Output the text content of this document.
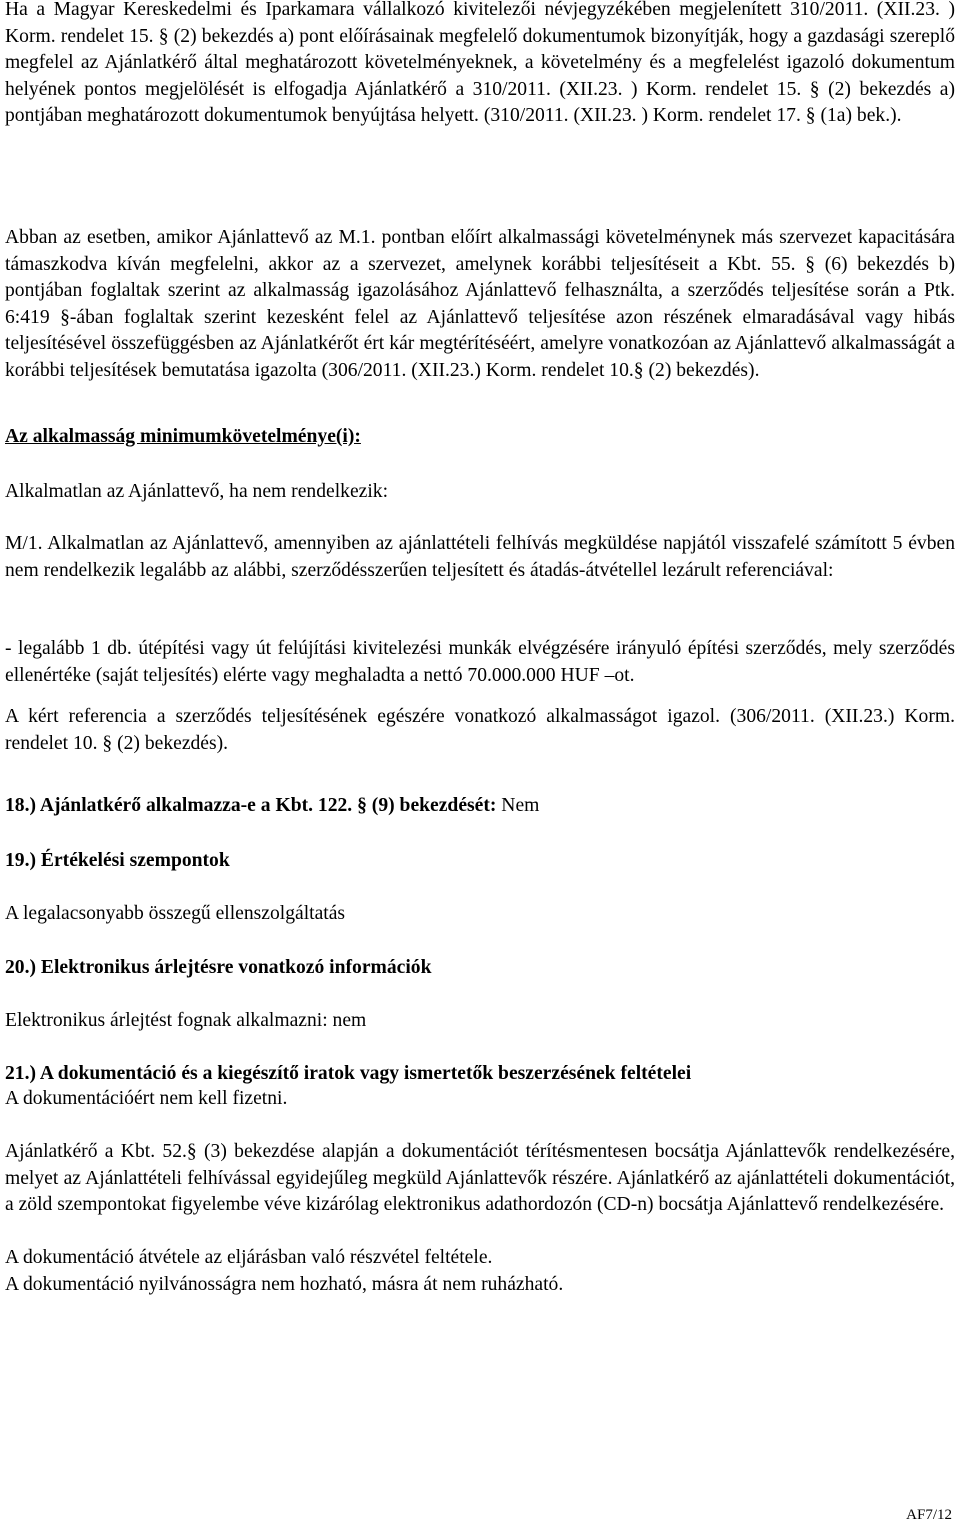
Ha a Magyar Kereskedelmi és Iparkamara vállalkozó kivitelezői névjegyzékében megjelenített 310/2011. (XII.23. ) Korm. rendelet 15. § (2) bekezdés a) pont előírásainak megfelelő dokumentumok bizonyítják, hogy a gazdasági szereplő megfelel az Ajánlatkérő által meghatározott követelményeknek, a követelmény és a megfelelést igazoló dokumentum helyének pontos megjelölését is elfogadja Ajánlatkérő a 310/2011. (XII.23. ) Korm. rendelet 15. § (2) bekezdés a) pontjában meghatározott dokumentumok benyújtása helyett. (310/2011. (XII.23. ) Korm. rendelet 17. § (1a) bek.).

Abban az esetben, amikor Ajánlattevő az M.1. pontban előírt alkalmassági követelménynek más szervezet kapacitására támaszkodva kíván megfelelni, akkor az a szervezet, amelynek korábbi teljesítéseit a Kbt. 55. § (6) bekezdés b) pontjában foglaltak szerint az alkalmasság igazolásához Ajánlattevő felhasználta, a szerződés teljesítése során a Ptk. 6:419 §-ában foglaltak szerint kezesként felel az Ajánlattevő teljesítése azon részének elmaradásával vagy hibás teljesítésével összefüggésben az Ajánlatkérőt ért kár megtérítéséért, amelyre vonatkozóan az Ajánlattevő alkalmasságát a korábbi teljesítések bemutatása igazolta (306/2011. (XII.23.) Korm. rendelet 10.§ (2) bekezdés).

Az alkalmasság minimumkövetelménye(i):

Alkalmatlan az Ajánlattevő, ha nem rendelkezik:

M/1. Alkalmatlan az Ajánlattevő, amennyiben az ajánlattételi felhívás megküldése napjától visszafelé számított 5 évben nem rendelkezik legalább az alábbi, szerződésszerűen teljesített és átadás-átvétellel lezárult referenciával:

- legalább 1 db. útépítési vagy út felújítási kivitelezési munkák elvégzésére irányuló építési szerződés, mely szerződés ellenértéke (saját teljesítés) elérte vagy meghaladta a nettó 70.000.000 HUF –ot.

A kért referencia a szerződés teljesítésének egészére vonatkozó alkalmasságot igazol. (306/2011. (XII.23.) Korm. rendelet 10. § (2) bekezdés).

18.) Ajánlatkérő alkalmazza-e a Kbt. 122. § (9) bekezdését: Nem

19.) Értékelési szempontok

A legalacsonyabb összegű ellenszolgáltatás

20.) Elektronikus árlejtésre vonatkozó információk

Elektronikus árlejtést fognak alkalmazni: nem

21.) A dokumentáció és a kiegészítő iratok vagy ismertetők beszerzésének feltételei

A dokumentációért nem kell fizetni.

Ajánlatkérő a Kbt. 52.§ (3) bekezdése alapján a dokumentációt térítésmentesen bocsátja Ajánlattevők rendelkezésére, melyet az Ajánlattételi felhívással egyidejűleg megküld Ajánlattevők részére. Ajánlatkérő az ajánlattételi dokumentációt, a zöld szempontokat figyelembe véve kizárólag elektronikus adathordozón (CD-n) bocsátja Ajánlattevő rendelkezésére.

A dokumentáció átvétele az eljárásban való részvétel feltétele.

A dokumentáció nyilvánosságra nem hozható, másra át nem ruházható.

AF7/12
